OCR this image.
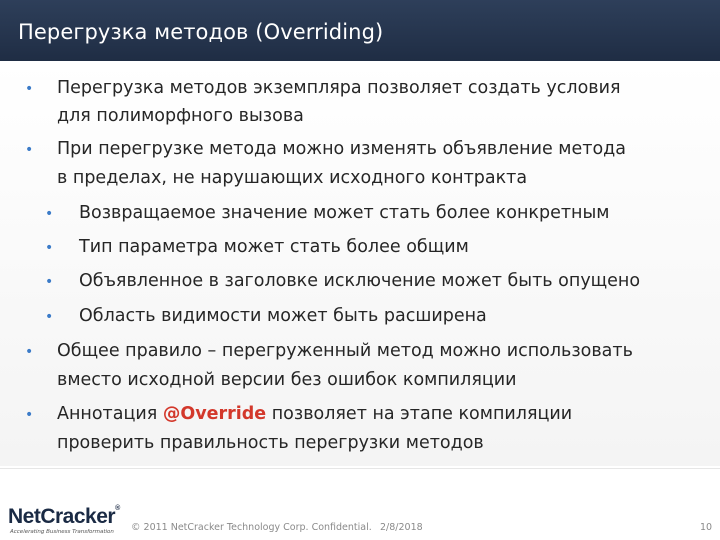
Перегрузка методов (Overriding)
• Перегрузка методов экземпляра позволяет создать условия
для полиморфного вызова
• При перегрузке метода можно изменять объявление метода
в пределах, не нарушающих исходного контракта
• Возвращаемое значение может стать более конкретным
• Тип параметра может стать более общим
• Объявленное в заголовке исключение может быть опущено
• Область видимости может быть расширена
• Общее правило – перегруженный метод можно использовать
вместо исходной версии без ошибок компиляции
• Аннотация @Override позволяет на этапе компиляции
проверить правильность перегрузки методов
NetCracker®
Accelerating Business Transformation © 2011 NetCracker Technology Corp. Confidential. 2/8/2018	10
